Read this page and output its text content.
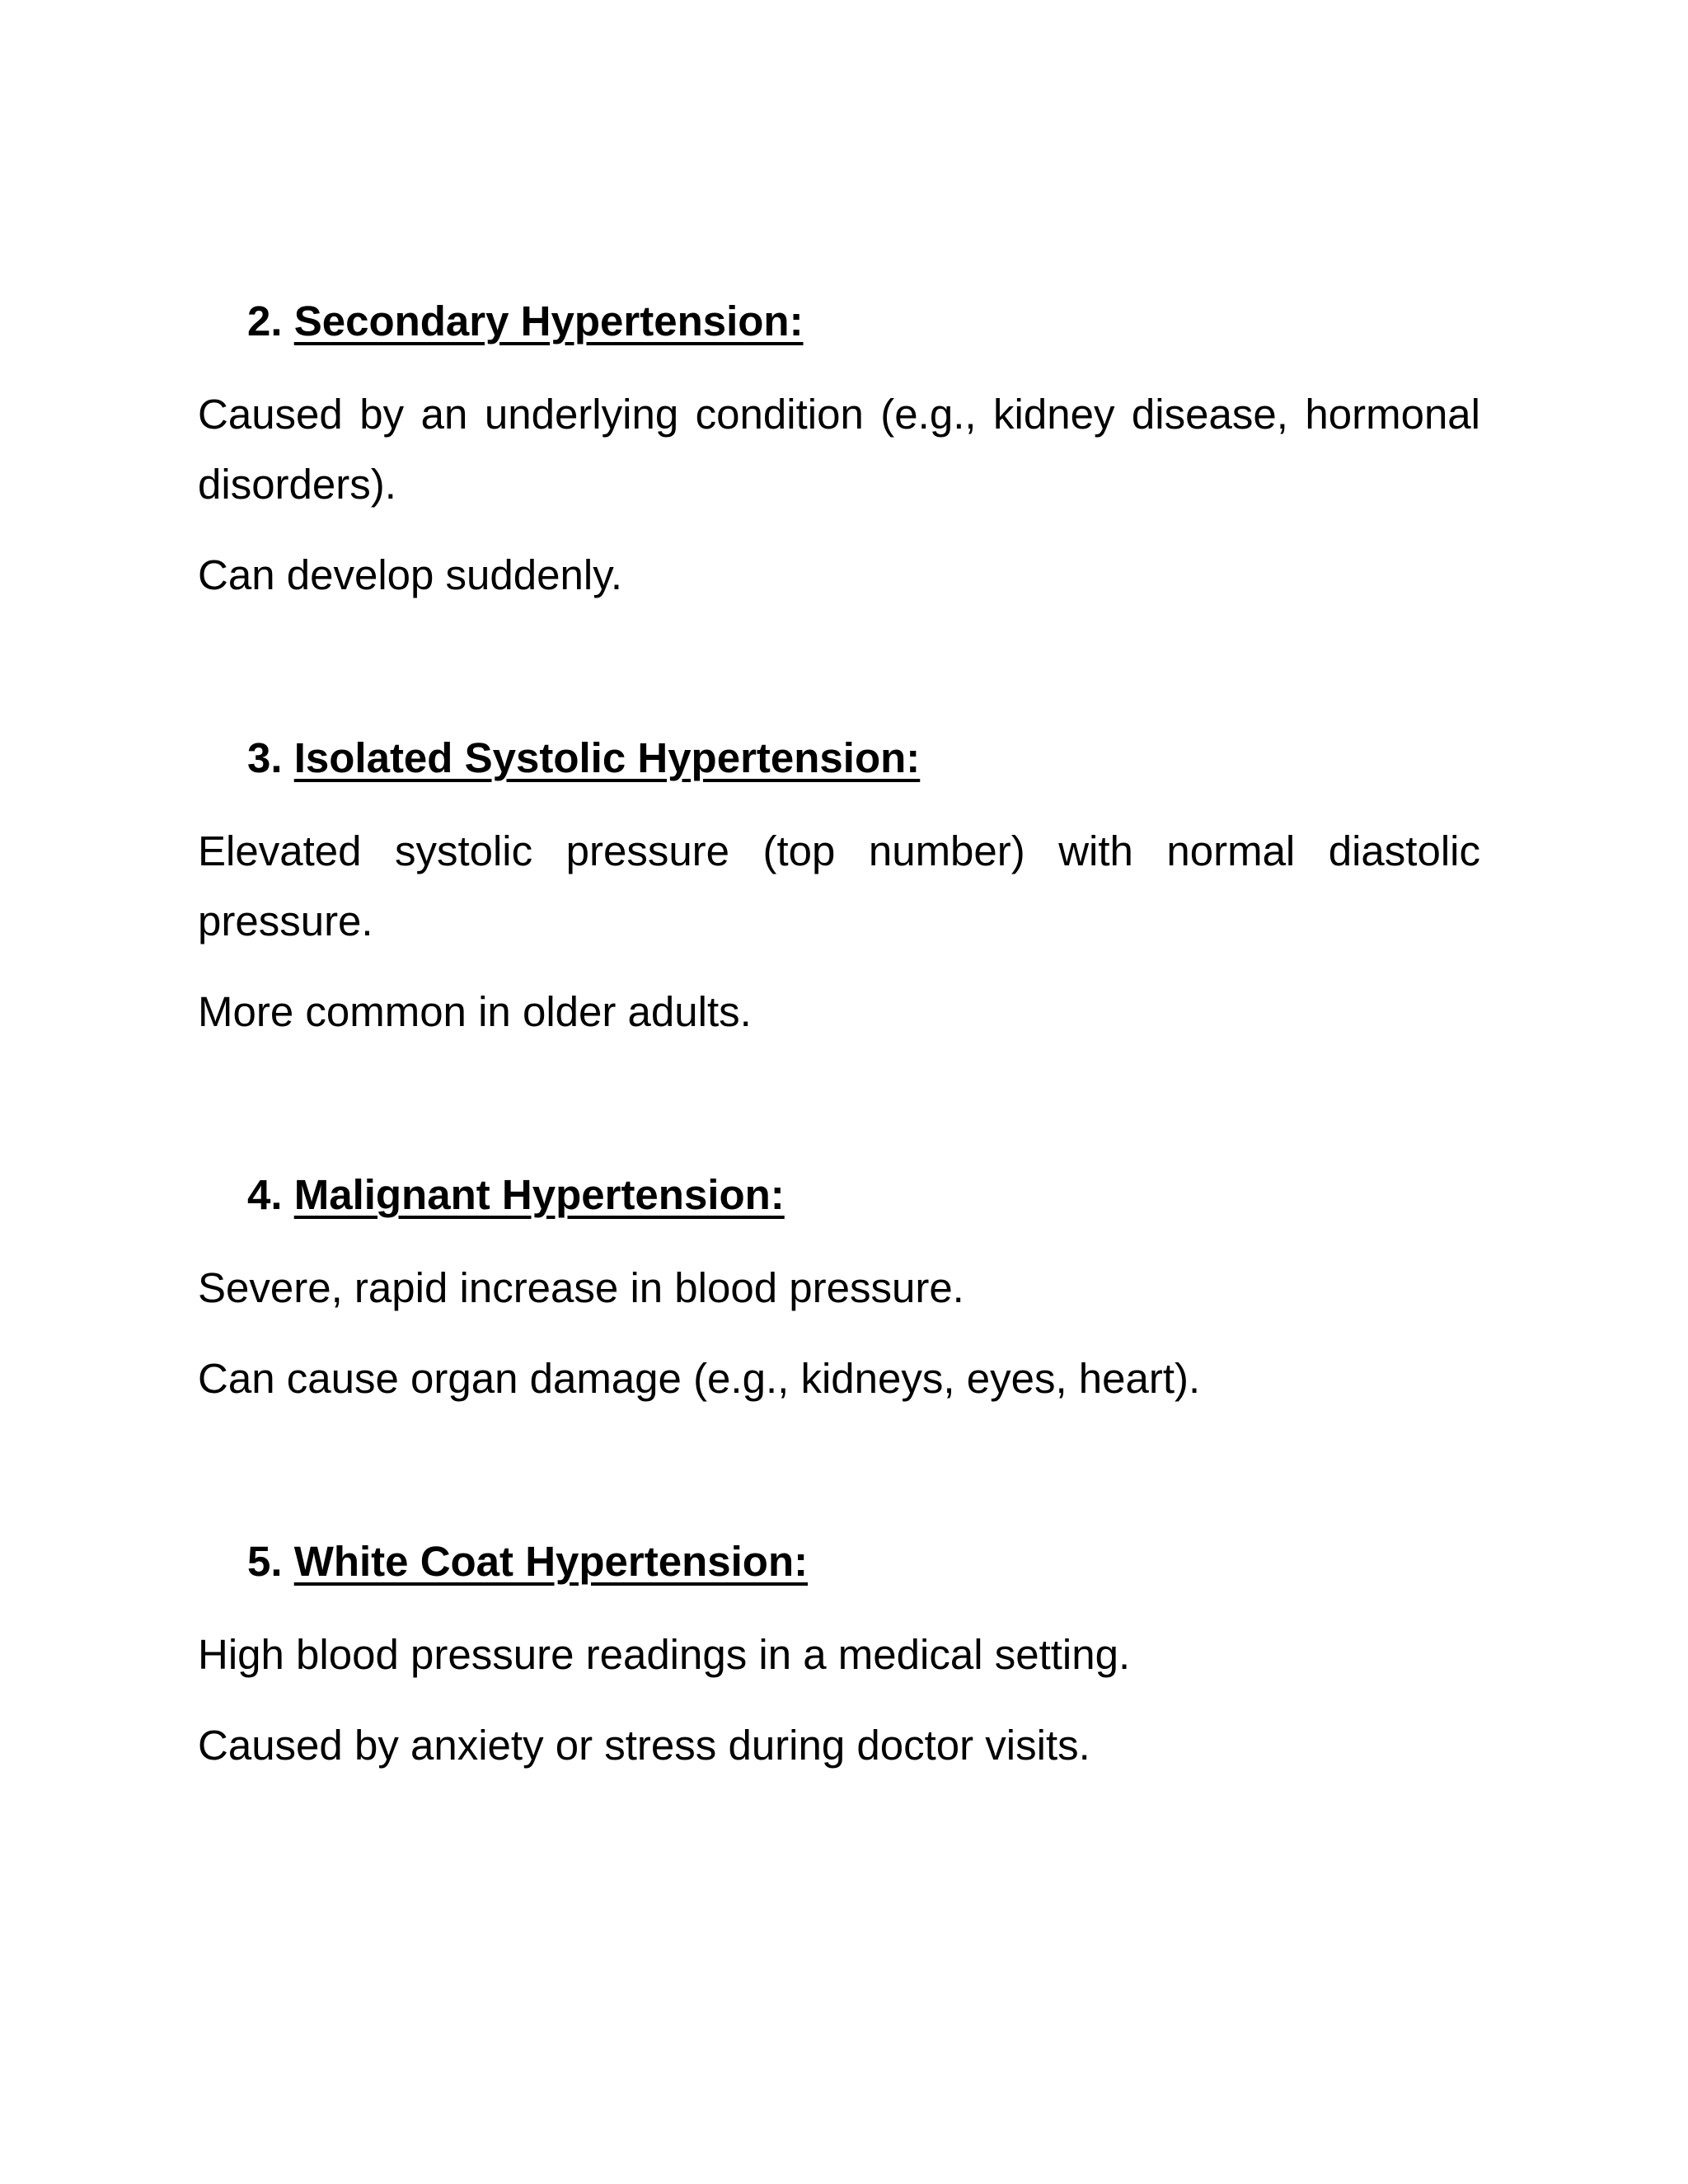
2. Secondary Hypertension:

Caused by an underlying condition (e.g., kidney disease, hormonal disorders).

Can develop suddenly.

3. Isolated Systolic Hypertension:

Elevated systolic pressure (top number) with normal diastolic pressure.

More common in older adults.

4. Malignant Hypertension:

Severe, rapid increase in blood pressure.

Can cause organ damage (e.g., kidneys, eyes, heart).

5. White Coat Hypertension:

High blood pressure readings in a medical setting.

Caused by anxiety or stress during doctor visits.
